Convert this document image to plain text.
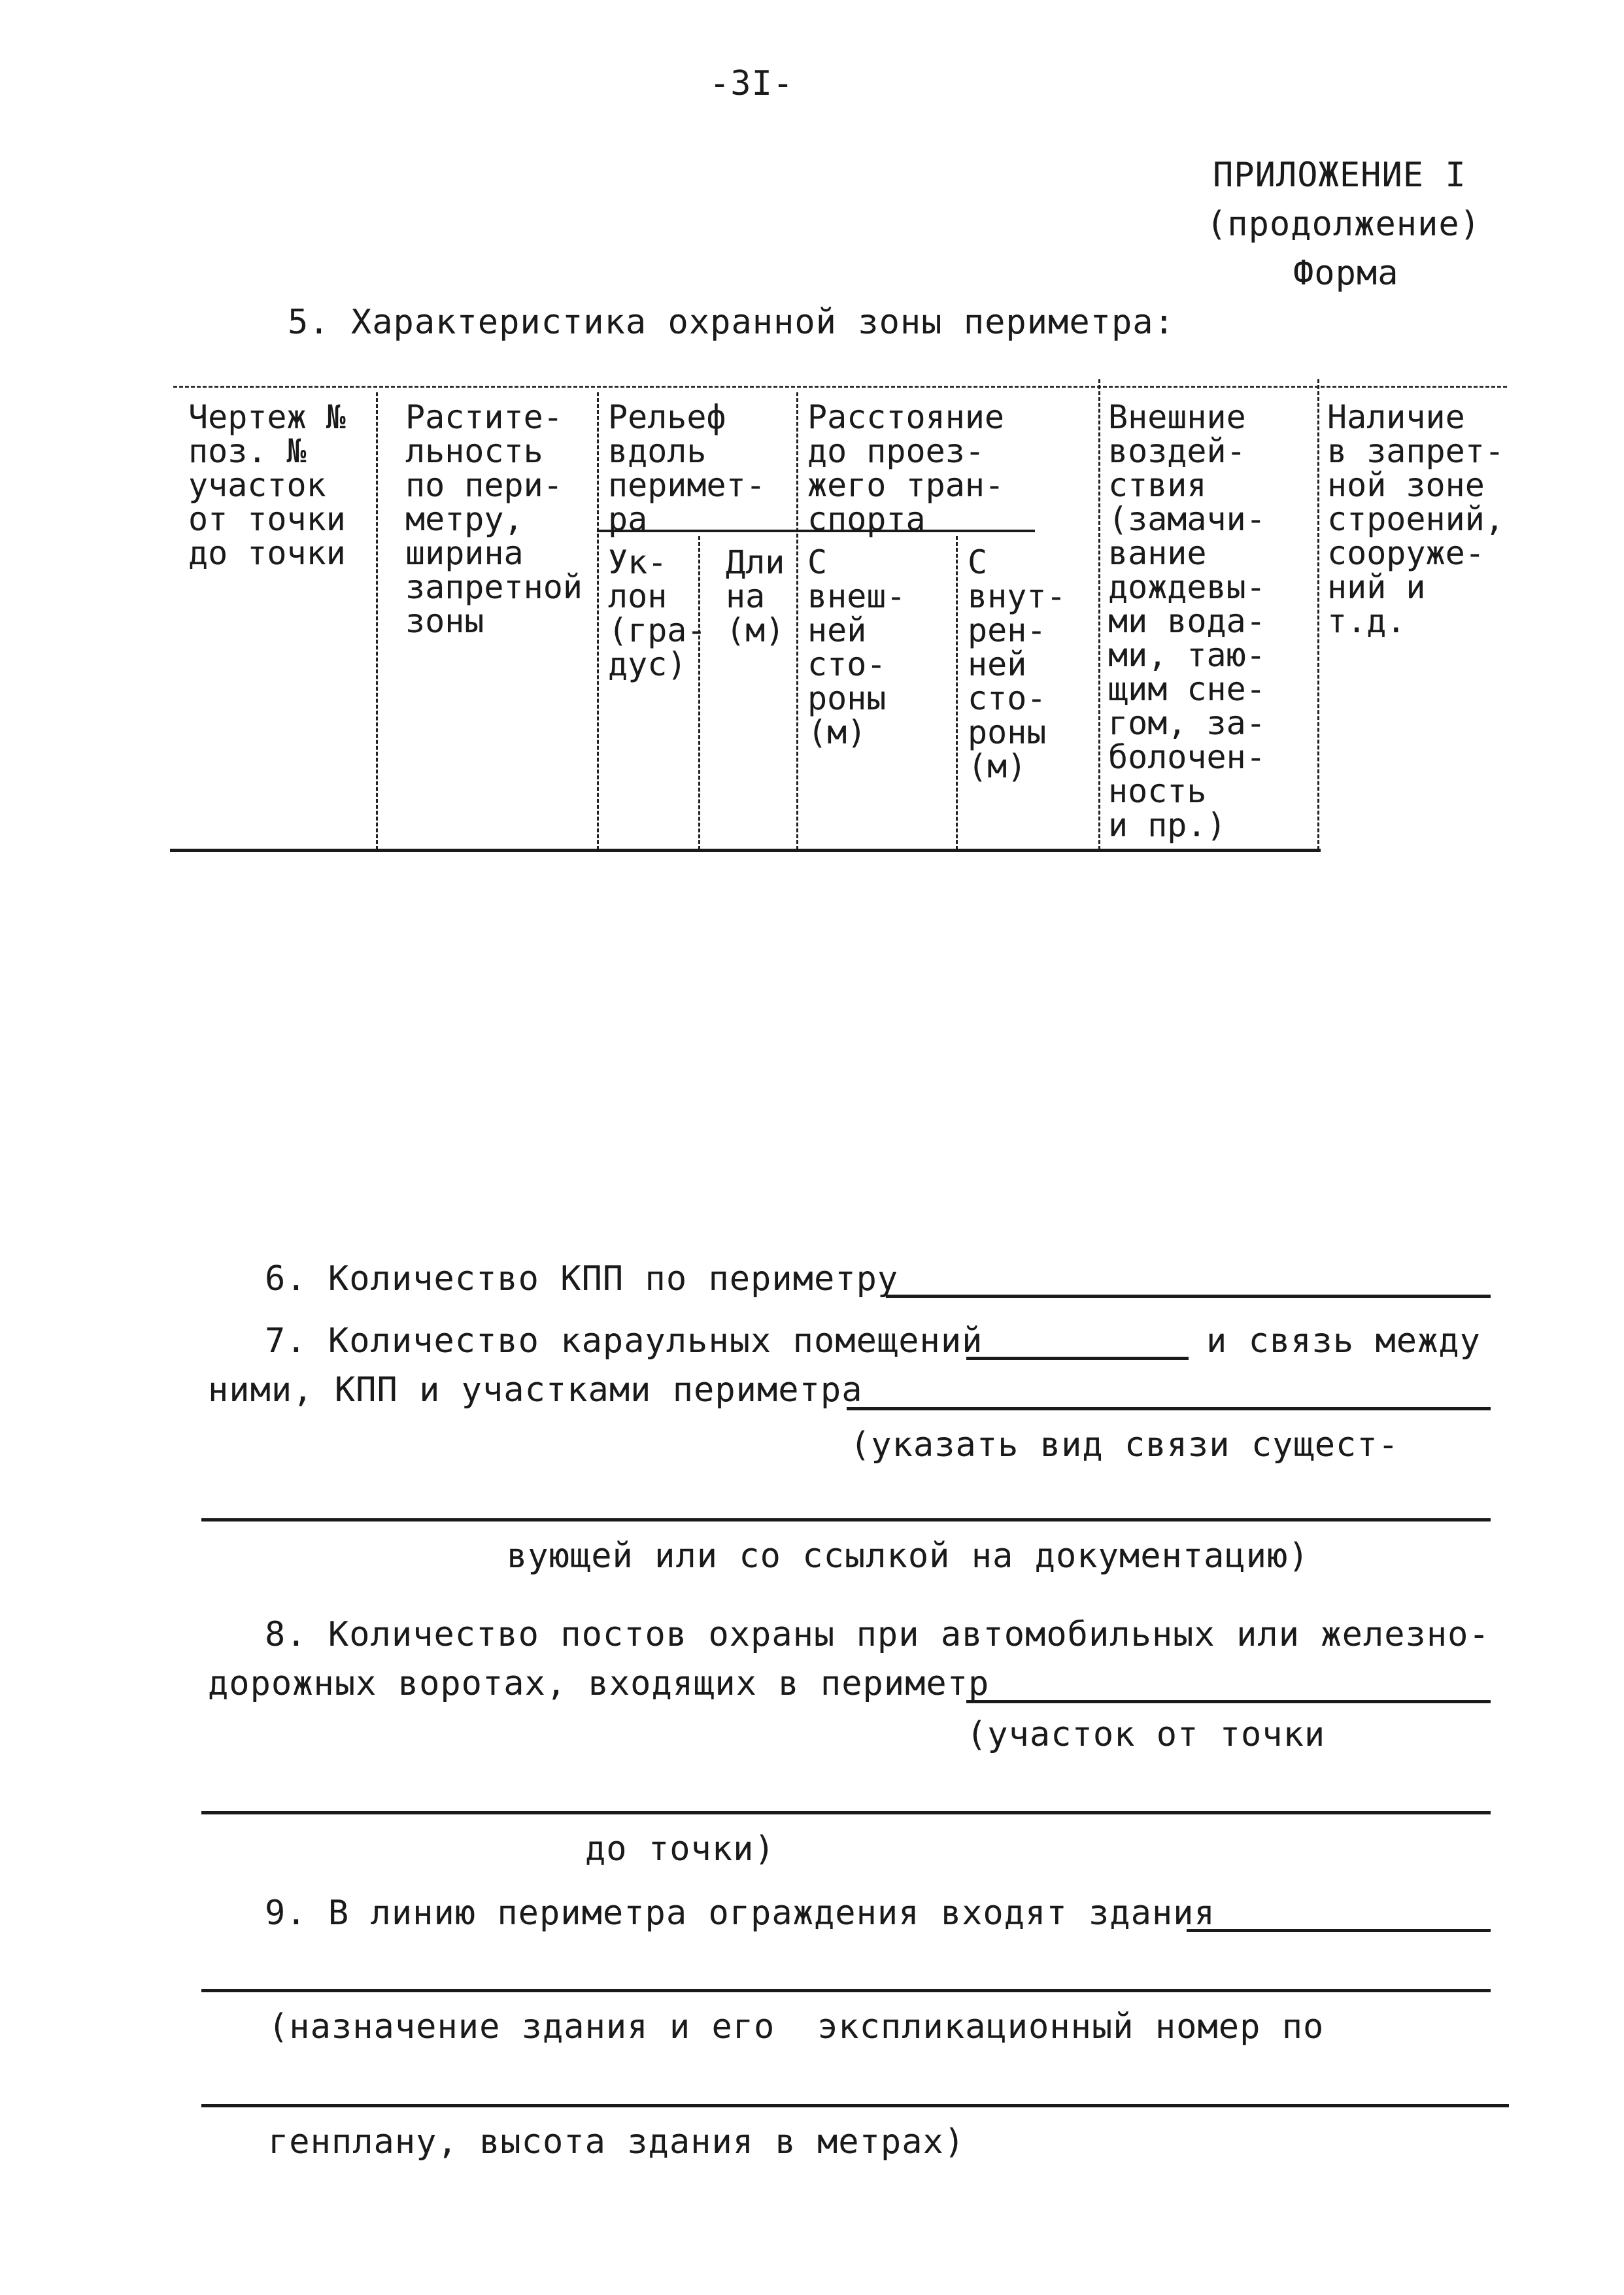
-3I-
ПРИЛОЖЕНИЕ I
(продолжение)
Форма
5. Характеристика охранной зоны периметра:
Чертеж №
поз. №
участок
от точки
до точки
Растите-
льность
по пери-
метру,
ширина
запретной
зоны
Рельеф
вдоль
перимет-
ра
Ук-
лон
(гра-
дус)
Дли
на
(м)
Расстояние
до проез-
жего тран-
спорта
С
внеш-
ней
сто-
роны
(м)
С
внут-
рен-
ней
сто-
роны
(м)
Внешние
воздей-
ствия
(замачи-
вание
дождевы-
ми вода-
ми, таю-
щим сне-
гом, за-
болочен-
ность
и пр.)
Наличие
в запрет-
ной зоне
строений,
сооруже-
ний и
т.д.
6. Количество КПП по периметру
7. Количество караульных помещений	и связь между
ними, КПП и участками периметра
(указать вид связи сущест-
вующей или со ссылкой на документацию)
8. Количество постов охраны при автомобильных или железно-
дорожных воротах, входящих в периметр
(участок от точки
до точки)
9. В линию периметра ограждения входят здания
(назначение здания и его  экспликационный номер по
генплану, высота здания в метрах)
